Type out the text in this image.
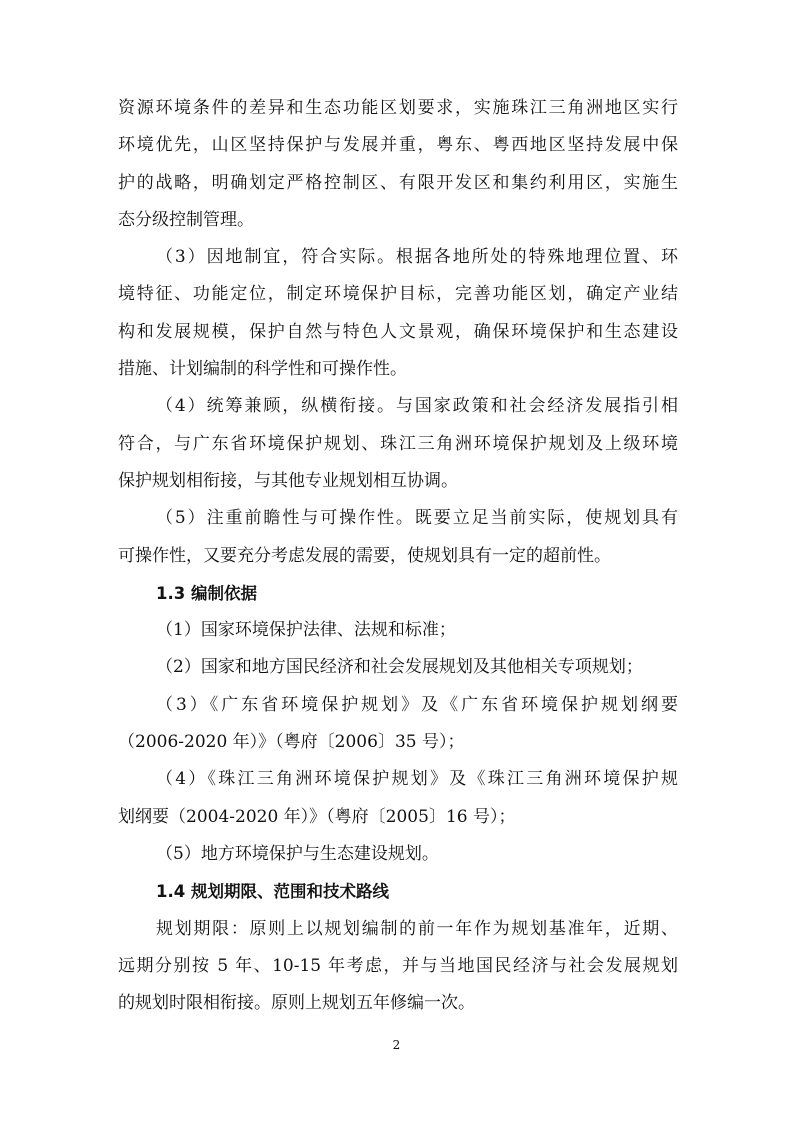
资源环境条件的差异和生态功能区划要求，实施珠江三角洲地区实行
环境优先，山区坚持保护与发展并重，粤东、粤西地区坚持发展中保
护的战略，明确划定严格控制区、有限开发区和集约利用区，实施生
态分级控制管理。
（3）因地制宜，符合实际。根据各地所处的特殊地理位置、环
境特征、功能定位，制定环境保护目标，完善功能区划，确定产业结
构和发展规模，保护自然与特色人文景观，确保环境保护和生态建设
措施、计划编制的科学性和可操作性。
（4）统筹兼顾，纵横衔接。与国家政策和社会经济发展指引相
符合，与广东省环境保护规划、珠江三角洲环境保护规划及上级环境
保护规划相衔接，与其他专业规划相互协调。
（5）注重前瞻性与可操作性。既要立足当前实际，使规划具有
可操作性，又要充分考虑发展的需要，使规划具有一定的超前性。
1.3 编制依据
（1）国家环境保护法律、法规和标准；
（2）国家和地方国民经济和社会发展规划及其他相关专项规划；
（3）《广东省环境保护规划》及《广东省环境保护规划纲要
（2006-2020 年）》（粤府〔2006〕35 号）；
（4）《珠江三角洲环境保护规划》及《珠江三角洲环境保护规
划纲要（2004-2020 年）》（粤府〔2005〕16 号）；
（5）地方环境保护与生态建设规划。
1.4 规划期限、范围和技术路线
规划期限：原则上以规划编制的前一年作为规划基准年，近期、
远期分别按 5 年、10-15 年考虑，并与当地国民经济与社会发展规划
的规划时限相衔接。原则上规划五年修编一次。
2
